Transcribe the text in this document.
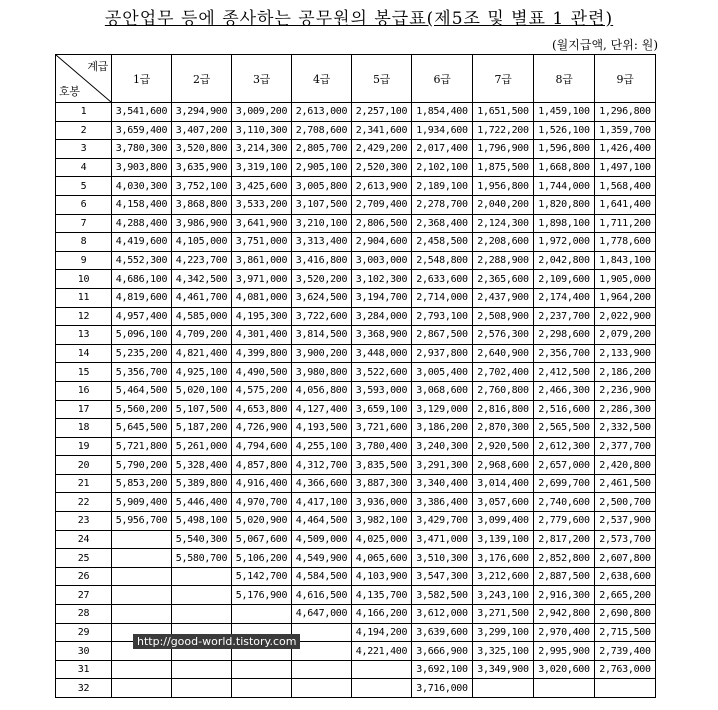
공안업무 등에 종사하는 공무원의 봉급표(제5조 및 별표 1 관련)
(월지급액, 단위: 원)
계급
호봉	1급	2급	3급	4급	5급	6급	7급	8급	9급
1	3,541,600	3,294,900	3,009,200	2,613,000	2,257,100	1,854,400	1,651,500	1,459,100	1,296,800
2	3,659,400	3,407,200	3,110,300	2,708,600	2,341,600	1,934,600	1,722,200	1,526,100	1,359,700
3	3,780,300	3,520,800	3,214,300	2,805,700	2,429,200	2,017,400	1,796,900	1,596,800	1,426,400
4	3,903,800	3,635,900	3,319,100	2,905,100	2,520,300	2,102,100	1,875,500	1,668,800	1,497,100
5	4,030,300	3,752,100	3,425,600	3,005,800	2,613,900	2,189,100	1,956,800	1,744,000	1,568,400
6	4,158,400	3,868,800	3,533,200	3,107,500	2,709,400	2,278,700	2,040,200	1,820,800	1,641,400
7	4,288,400	3,986,900	3,641,900	3,210,100	2,806,500	2,368,400	2,124,300	1,898,100	1,711,200
8	4,419,600	4,105,000	3,751,000	3,313,400	2,904,600	2,458,500	2,208,600	1,972,000	1,778,600
9	4,552,300	4,223,700	3,861,000	3,416,800	3,003,000	2,548,800	2,288,900	2,042,800	1,843,100
10	4,686,100	4,342,500	3,971,000	3,520,200	3,102,300	2,633,600	2,365,600	2,109,600	1,905,000
11	4,819,600	4,461,700	4,081,000	3,624,500	3,194,700	2,714,000	2,437,900	2,174,400	1,964,200
12	4,957,400	4,585,000	4,195,300	3,722,600	3,284,000	2,793,100	2,508,900	2,237,700	2,022,900
13	5,096,100	4,709,200	4,301,400	3,814,500	3,368,900	2,867,500	2,576,300	2,298,600	2,079,200
14	5,235,200	4,821,400	4,399,800	3,900,200	3,448,000	2,937,800	2,640,900	2,356,700	2,133,900
15	5,356,700	4,925,100	4,490,500	3,980,800	3,522,600	3,005,400	2,702,400	2,412,500	2,186,200
16	5,464,500	5,020,100	4,575,200	4,056,800	3,593,000	3,068,600	2,760,800	2,466,300	2,236,900
17	5,560,200	5,107,500	4,653,800	4,127,400	3,659,100	3,129,000	2,816,800	2,516,600	2,286,300
18	5,645,500	5,187,200	4,726,900	4,193,500	3,721,600	3,186,200	2,870,300	2,565,500	2,332,500
19	5,721,800	5,261,000	4,794,600	4,255,100	3,780,400	3,240,300	2,920,500	2,612,300	2,377,700
20	5,790,200	5,328,400	4,857,800	4,312,700	3,835,500	3,291,300	2,968,600	2,657,000	2,420,800
21	5,853,200	5,389,800	4,916,400	4,366,600	3,887,300	3,340,400	3,014,400	2,699,700	2,461,500
22	5,909,400	5,446,400	4,970,700	4,417,100	3,936,000	3,386,400	3,057,600	2,740,600	2,500,700
23	5,956,700	5,498,100	5,020,900	4,464,500	3,982,100	3,429,700	3,099,400	2,779,600	2,537,900
24		5,540,300	5,067,600	4,509,000	4,025,000	3,471,000	3,139,100	2,817,200	2,573,700
25		5,580,700	5,106,200	4,549,900	4,065,600	3,510,300	3,176,600	2,852,800	2,607,800
26			5,142,700	4,584,500	4,103,900	3,547,300	3,212,600	2,887,500	2,638,600
27			5,176,900	4,616,500	4,135,700	3,582,500	3,243,100	2,916,300	2,665,200
28				4,647,000	4,166,200	3,612,000	3,271,500	2,942,800	2,690,800
29					4,194,200	3,639,600	3,299,100	2,970,400	2,715,500
30					4,221,400	3,666,900	3,325,100	2,995,900	2,739,400
31						3,692,100	3,349,900	3,020,600	2,763,000
32						3,716,000			
http://good-world.tistory.com
